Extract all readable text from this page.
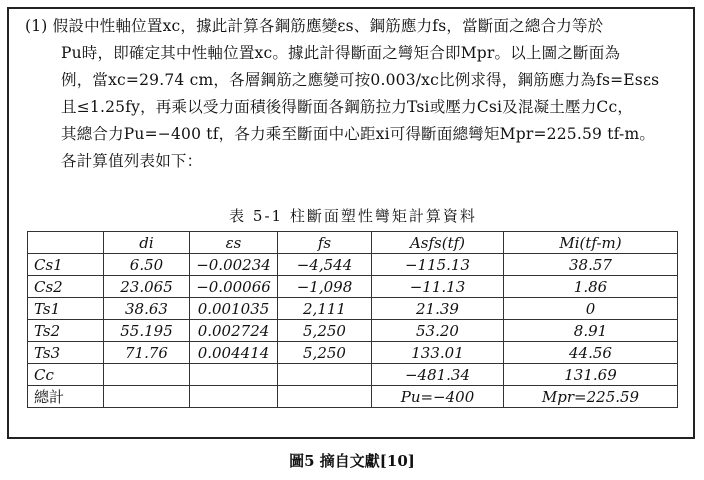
(1) 假設中性軸位置xc，據此計算各鋼筋應變εs、鋼筋應力fs，當斷面之總合力等於

Pu時，即確定其中性軸位置xc。據此計得斷面之彎矩合即Mpr。以上圖之斷面為

例，當xc=29.74 cm，各層鋼筋之應變可按0.003/xc比例求得，鋼筋應力為fs=Esεs

且≤1.25fy，再乘以受力面積後得斷面各鋼筋拉力Tsi或壓力Csi及混凝土壓力Cc，

其總合力Pu=−400 tf，各力乘至斷面中心距xi可得斷面總彎矩Mpr=225.59 tf-m。

各計算值列表如下：

表 5-1 柱斷面塑性彎矩計算資料
	di	εs	fs	Asfs(tf)	Mi(tf-m)
Cs1	6.50	−0.00234	−4,544	−115.13	38.57
Cs2	23.065	−0.00066	−1,098	−11.13	1.86
Ts1	38.63	0.001035	2,111	21.39	0
Ts2	55.195	0.002724	5,250	53.20	8.91
Ts3	71.76	0.004414	5,250	133.01	44.56
Cc				−481.34	131.69
總計				Pu=−400	Mpr=225.59
圖5 摘自文獻[10]
